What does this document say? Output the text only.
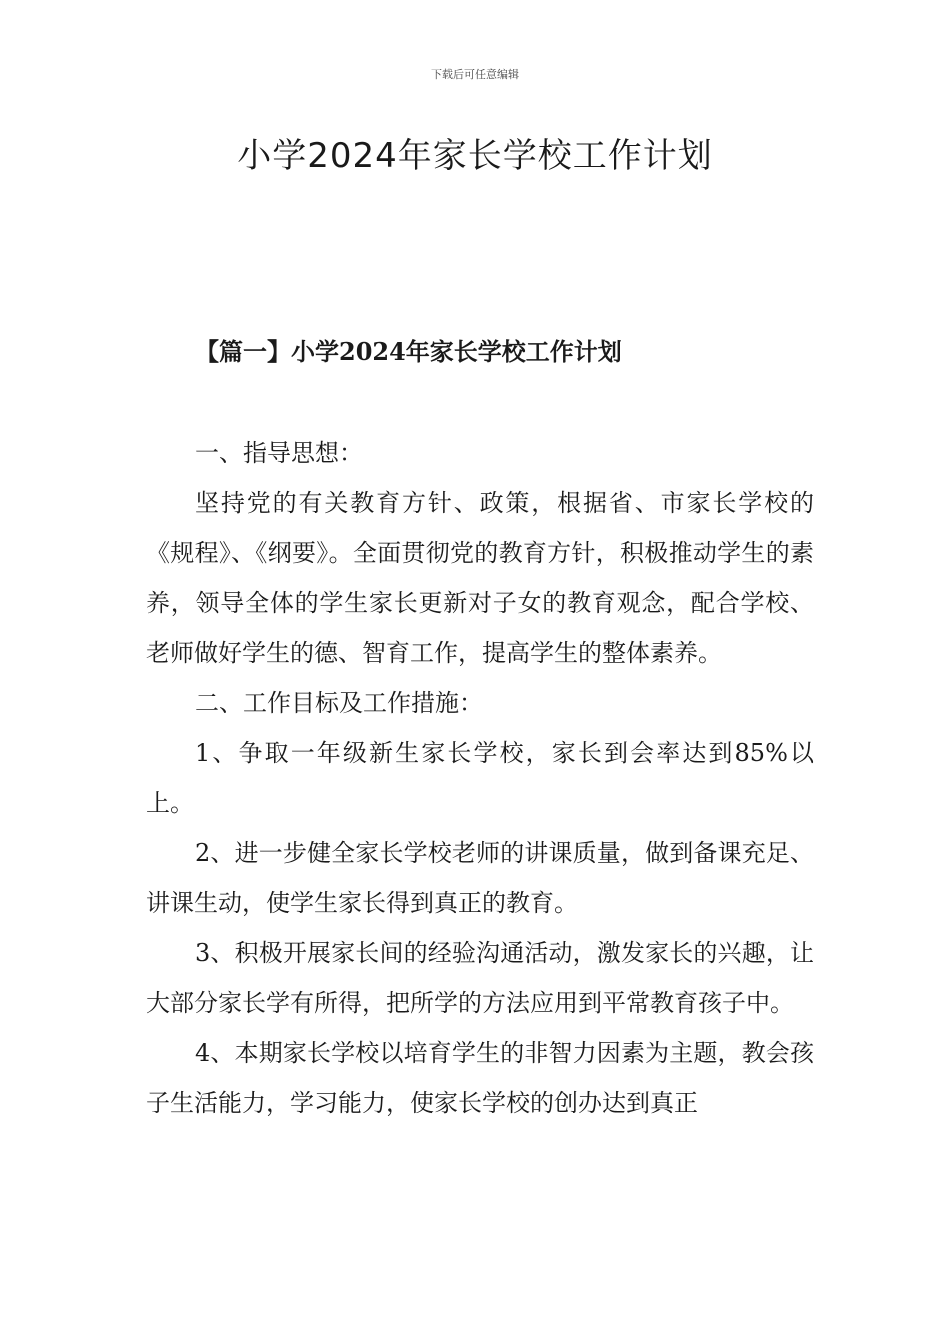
下载后可任意编辑
小学2024年家长学校工作计划
【篇一】小学2024年家长学校工作计划

一、指导思想：

坚持党的有关教育方针、政策，根据省、市家长学校的《规程》、《纲要》。全面贯彻党的教育方针，积极推动学生的素养，领导全体的学生家长更新对子女的教育观念，配合学校、老师做好学生的德、智育工作，提高学生的整体素养。

二、工作目标及工作措施：

1、争取一年级新生家长学校，家长到会率达到85%以上。

2、进一步健全家长学校老师的讲课质量，做到备课充足、讲课生动，使学生家长得到真正的教育。

3、积极开展家长间的经验沟通活动，激发家长的兴趣，让大部分家长学有所得，把所学的方法应用到平常教育孩子中。

4、本期家长学校以培育学生的非智力因素为主题，教会孩子生活能力，学习能力，使家长学校的创办达到真正
